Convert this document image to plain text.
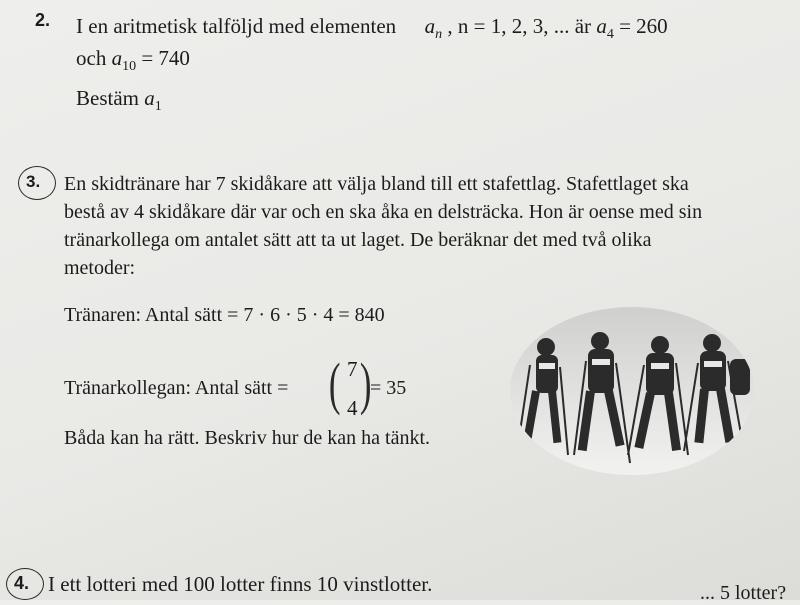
2. I en aritmetisk talföljd med elementen $a_n$ , n = 1, 2, 3, ... är $a_4 = 260$
och $a_{10} = 740$
Bestäm $a_1$
3. En skidtränare har 7 skidåkare att välja bland till ett stafettlag. Stafettlaget ska
bestå av 4 skidåkare där var och en ska åka en delsträcka. Hon är oense med sin
tränarkollega om antalet sätt att ta ut laget. De beräknar det med två olika
metoder:
Tränaren: Antal sätt = 7 · 6 · 5 · 4 = 840
Tränarkollegan: Antal sätt = ( 7
4 )
= 35
Båda kan ha rätt. Beskriv hur de kan ha tänkt.
4. I ett lotteri med 100 lotter finns 10 vinstlotter.	... 5 lotter?
